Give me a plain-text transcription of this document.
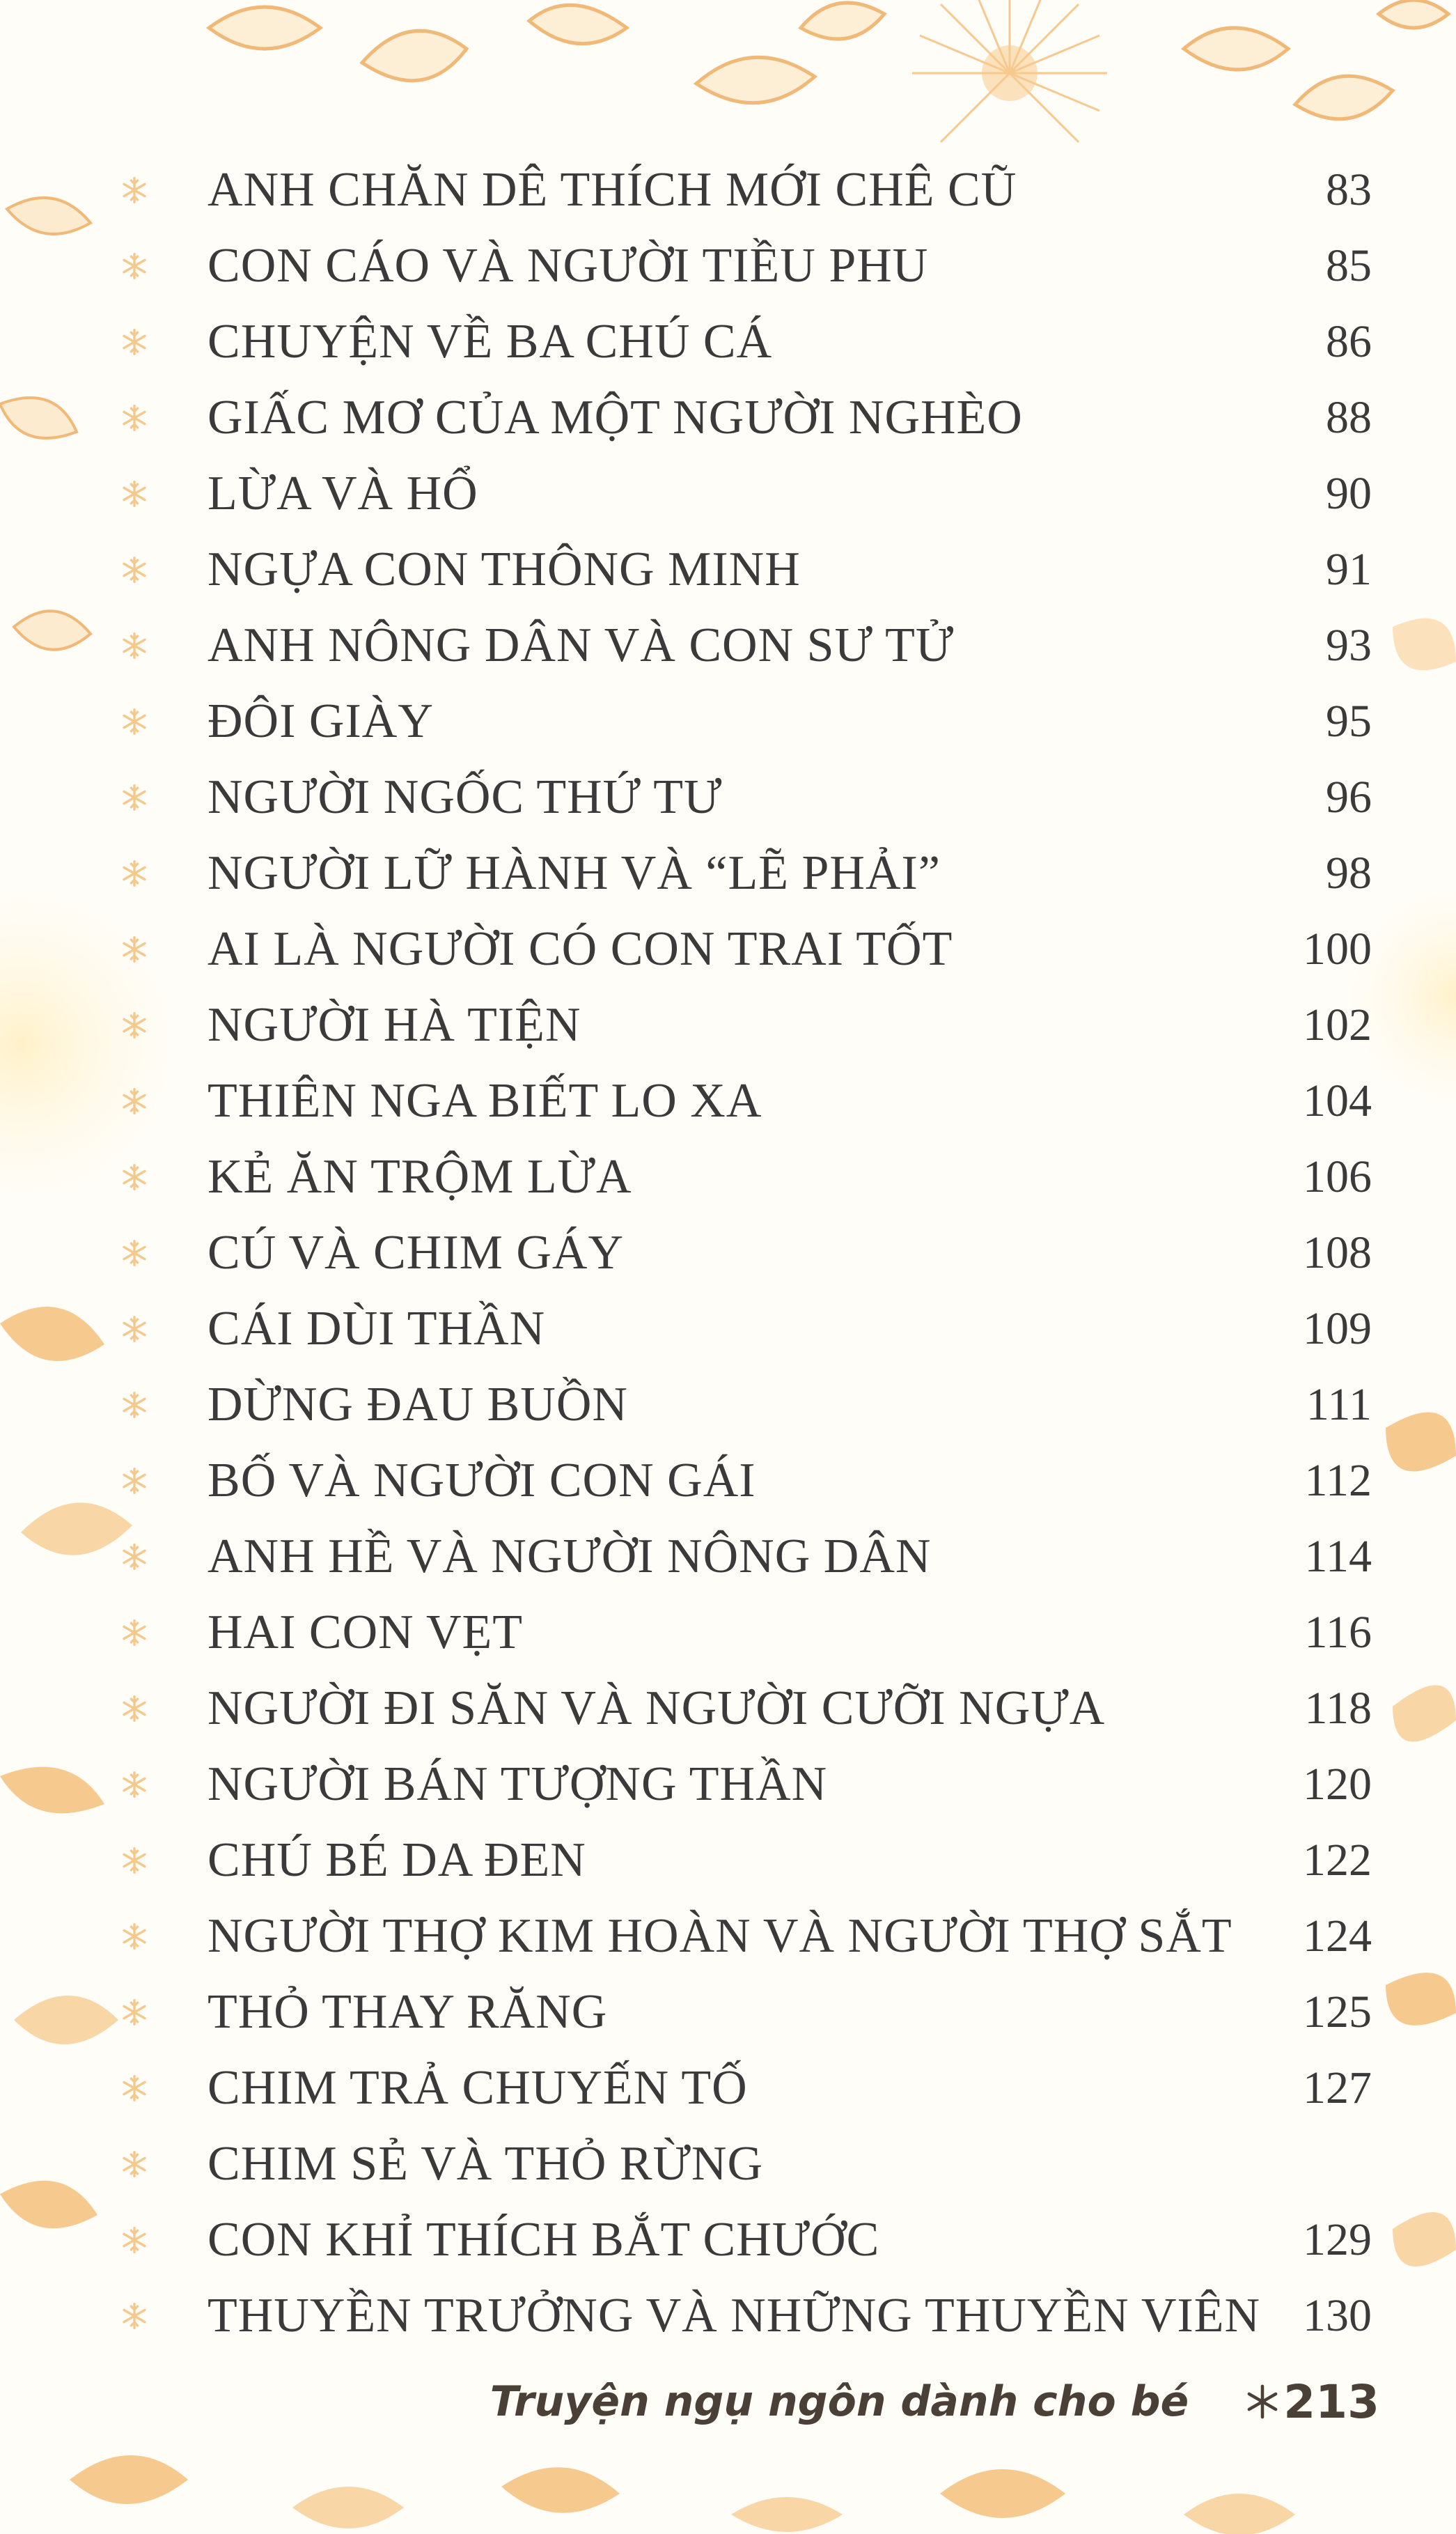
ANH CHĂN DÊ THÍCH MỚI CHÊ CŨ	83
CON CÁO VÀ NGƯỜI TIỀU PHU	85
CHUYỆN VỀ BA CHÚ CÁ	86
GIẤC MƠ CỦA MỘT NGƯỜI NGHÈO	88
LỪA VÀ HỔ	90
NGỰA CON THÔNG MINH	91
ANH NÔNG DÂN VÀ CON SƯ TỬ	93
ĐÔI GIÀY	95
NGƯỜI NGỐC THỨ TƯ	96
NGƯỜI LỮ HÀNH VÀ “LẼ PHẢI”	98
AI LÀ NGƯỜI CÓ CON TRAI TỐT	100
NGƯỜI HÀ TIỆN	102
THIÊN NGA BIẾT LO XA	104
KẺ ĂN TRỘM LỪA	106
CÚ VÀ CHIM GÁY	108
CÁI DÙI THẦN	109
DỪNG ĐAU BUỒN	111
BỐ VÀ NGƯỜI CON GÁI	112
ANH HỀ VÀ NGƯỜI NÔNG DÂN	114
HAI CON VẸT	116
NGƯỜI ĐI SĂN VÀ NGƯỜI CƯỠI NGỰA	118
NGƯỜI BÁN TƯỢNG THẦN	120
CHÚ BÉ DA ĐEN	122
NGƯỜI THỢ KIM HOÀN VÀ NGƯỜI THỢ SẮT 124
THỎ THAY RĂNG	125
CHIM TRẢ CHUYẾN TỐ	127
CHIM SẺ VÀ THỎ RỪNG
CON KHỈ THÍCH BẮT CHƯỚC	129
THUYỀN TRƯỞNG VÀ NHỮNG THUYỀN VIÊN 130
Truyện ngụ ngôn dành cho bé 213
